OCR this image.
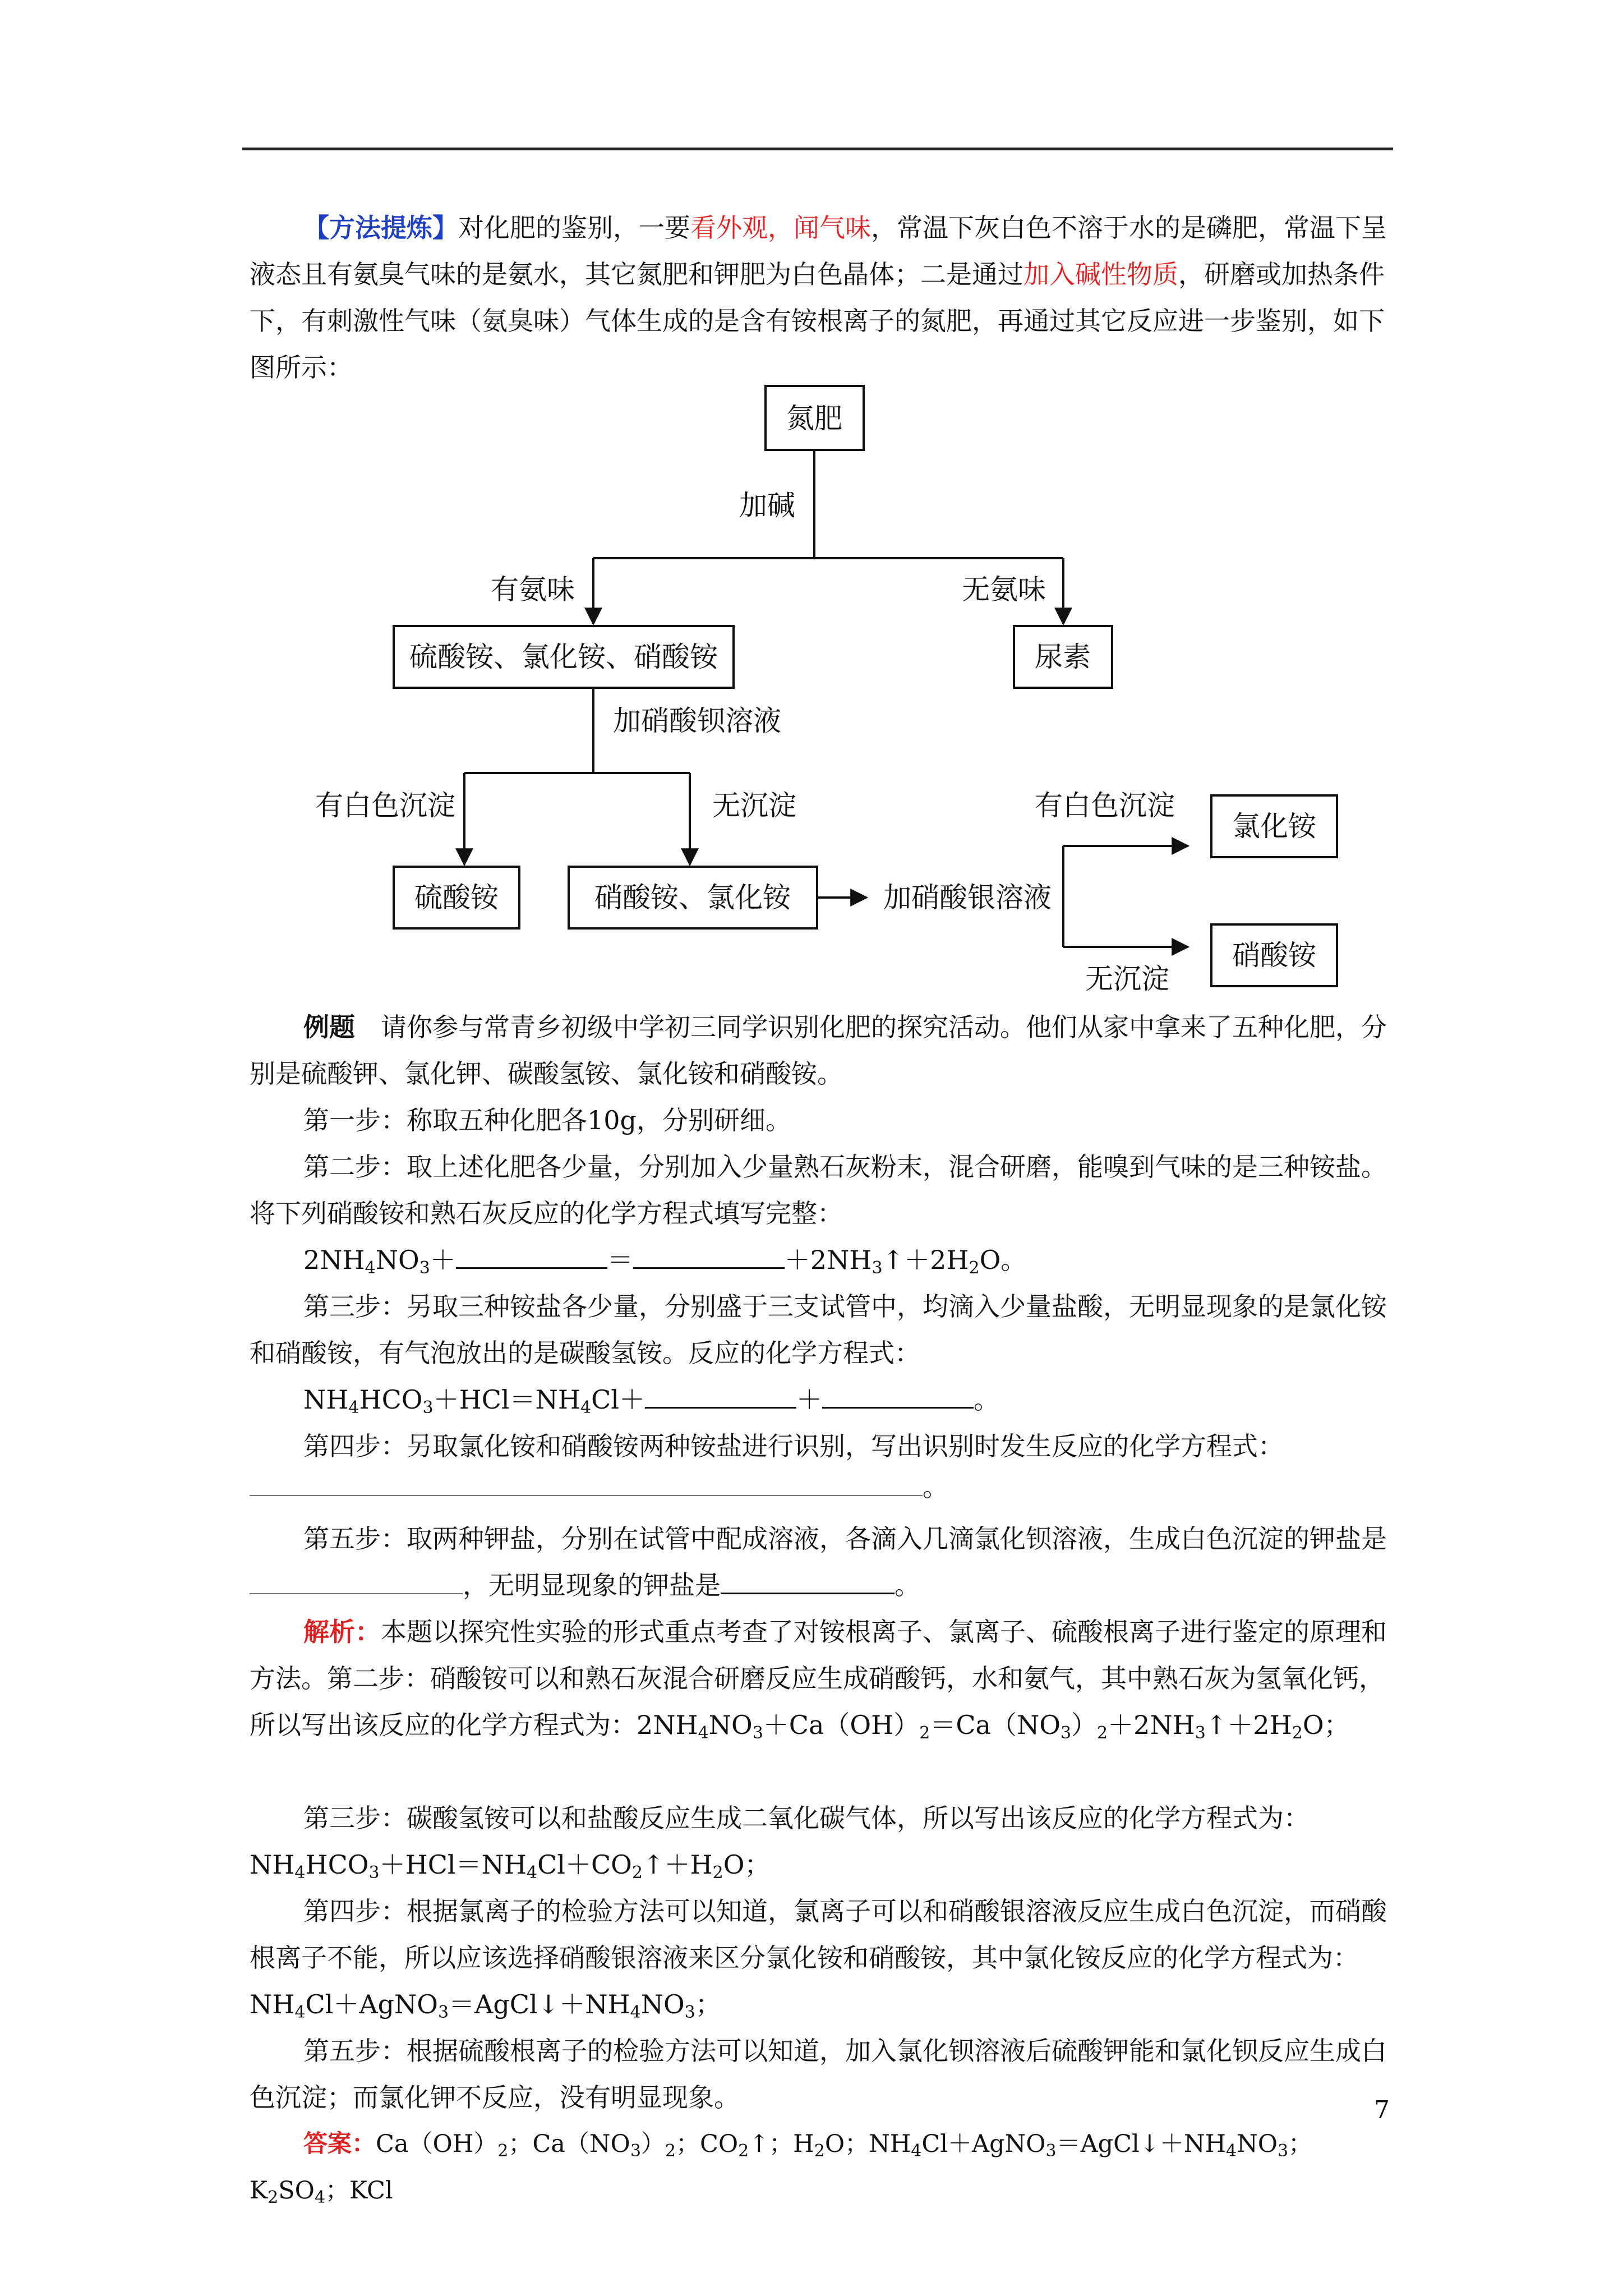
【方法提炼】对化肥的鉴别，一要看外观，闻气味，常温下灰白色不溶于水的是磷肥，常温下呈液态且有氨臭气味的是氨水，其它氮肥和钾肥为白色晶体；二是通过加入碱性物质，研磨或加热条件下，有刺激性气味（氨臭味）气体生成的是含有铵根离子的氮肥，再通过其它反应进一步鉴别，如下图所示：
氮肥
硫酸铵、氯化铵、硝酸铵	尿素
硫酸铵	硝酸铵、氯化铵
氯化铵
硝酸铵
加碱
有氨味	无氨味
加硝酸钡溶液
有白色沉淀	无沉淀
加硝酸银溶液
有白色沉淀
无沉淀
例题  请你参与常青乡初级中学初三同学识别化肥的探究活动。他们从家中拿来了五种化肥，分别是硫酸钾、氯化钾、碳酸氢铵、氯化铵和硝酸铵。
第一步：称取五种化肥各10g，分别研细。
第二步：取上述化肥各少量，分别加入少量熟石灰粉末，混合研磨，能嗅到气味的是三种铵盐。将下列硝酸铵和熟石灰反应的化学方程式填写完整：
$2NH_4NO_3+$	＝	$+2NH_3↑+2H_2O$。
第三步：另取三种铵盐各少量，分别盛于三支试管中，均滴入少量盐酸，无明显现象的是氯化铵和硝酸铵，有气泡放出的是碳酸氢铵。反应的化学方程式：
$NH_4HCO_3+HCl=NH_4Cl+$	＋	。
第四步：另取氯化铵和硝酸铵两种铵盐进行识别，写出识别时发生反应的化学方程式：
。
第五步：取两种钾盐，分别在试管中配成溶液，各滴入几滴氯化钡溶液，生成白色沉淀的钾盐是，无明显现象的钾盐是	。
解析：本题以探究性实验的形式重点考查了对铵根离子、氯离子、硫酸根离子进行鉴定的原理和方法。第二步：硝酸铵可以和熟石灰混合研磨反应生成硝酸钙，水和氨气，其中熟石灰为氢氧化钙，所以写出该反应的化学方程式为：$2NH_4NO_3+Ca(OH)_2=Ca(NO_3)_2+2NH_3↑+2H_2O$；
第三步：碳酸氢铵可以和盐酸反应生成二氧化碳气体，所以写出该反应的化学方程式为：$NH_4HCO_3+HCl=NH_4Cl+CO_2↑+H_2O$；
第四步：根据氯离子的检验方法可以知道，氯离子可以和硝酸银溶液反应生成白色沉淀，而硝酸根离子不能，所以应该选择硝酸银溶液来区分氯化铵和硝酸铵，其中氯化铵反应的化学方程式为：$NH_4Cl+AgNO_3=AgCl↓+NH_4NO_3$；
第五步：根据硫酸根离子的检验方法可以知道，加入氯化钡溶液后硫酸钾能和氯化钡反应生成白色沉淀；而氯化钾不反应，没有明显现象。
答案：$Ca(OH)_2$；$Ca(NO_3)_2$；$CO_2↑$；$H_2O$；$NH_4Cl+AgNO_3=AgCl↓+NH_4NO_3$；$K_2SO_4$；KCl
7
